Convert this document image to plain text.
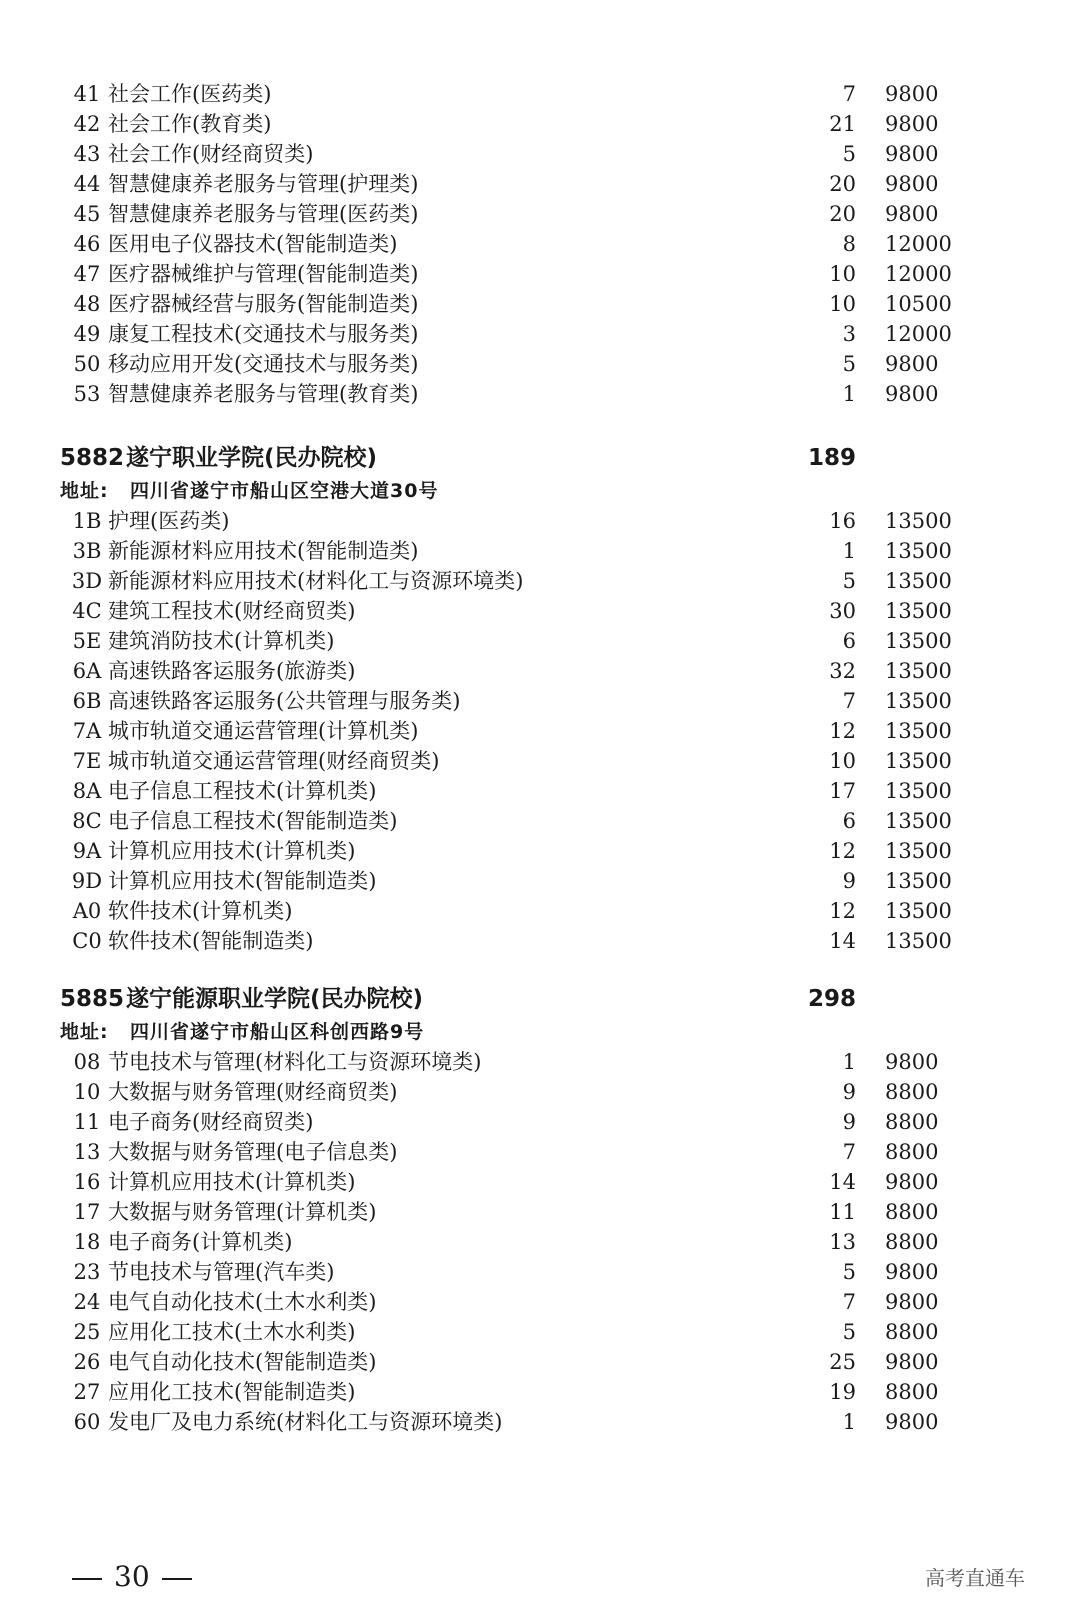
41 社会工作(医药类)	7 9800
42 社会工作(教育类)	21 9800
43 社会工作(财经商贸类)	5 9800
44 智慧健康养老服务与管理(护理类)	20 9800
45 智慧健康养老服务与管理(医药类)	20 9800
46 医用电子仪器技术(智能制造类)	8 12000
47 医疗器械维护与管理(智能制造类)	10 12000
48 医疗器械经营与服务(智能制造类)	10 10500
49 康复工程技术(交通技术与服务类)	3 12000
50 移动应用开发(交通技术与服务类)	5 9800
53 智慧健康养老服务与管理(教育类)	1 9800
5882 遂宁职业学院(民办院校)	189
地址: 四川省遂宁市船山区空港大道30号
1B 护理(医药类)	16 13500
3B 新能源材料应用技术(智能制造类)	1 13500
3D 新能源材料应用技术(材料化工与资源环境类)	5 13500
4C 建筑工程技术(财经商贸类)	30 13500
5E 建筑消防技术(计算机类)	6 13500
6A 高速铁路客运服务(旅游类)	32 13500
6B 高速铁路客运服务(公共管理与服务类)	7 13500
7A 城市轨道交通运营管理(计算机类)	12 13500
7E 城市轨道交通运营管理(财经商贸类)	10 13500
8A 电子信息工程技术(计算机类)	17 13500
8C 电子信息工程技术(智能制造类)	6 13500
9A 计算机应用技术(计算机类)	12 13500
9D 计算机应用技术(智能制造类)	9 13500
A0 软件技术(计算机类)	12 13500
C0 软件技术(智能制造类)	14 13500
5885 遂宁能源职业学院(民办院校)	298
地址: 四川省遂宁市船山区科创西路9号
08 节电技术与管理(材料化工与资源环境类)	1 9800
10 大数据与财务管理(财经商贸类)	9 8800
11 电子商务(财经商贸类)	9 8800
13 大数据与财务管理(电子信息类)	7 8800
16 计算机应用技术(计算机类)	14 9800
17 大数据与财务管理(计算机类)	11 8800
18 电子商务(计算机类)	13 8800
23 节电技术与管理(汽车类)	5 9800
24 电气自动化技术(土木水利类)	7 9800
25 应用化工技术(土木水利类)	5 8800
26 电气自动化技术(智能制造类)	25 9800
27 应用化工技术(智能制造类)	19 8800
60 发电厂及电力系统(材料化工与资源环境类)	1 9800
30	高考直通车
